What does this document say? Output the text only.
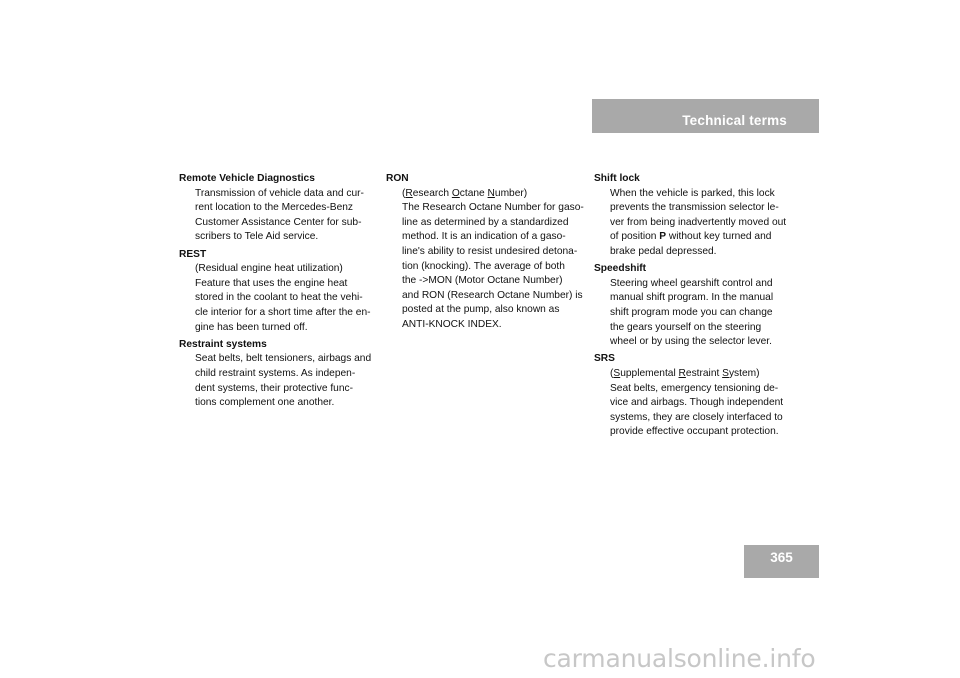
Technical terms
Remote Vehicle Diagnostics
Transmission of vehicle data and cur-
rent location to the Mercedes-Benz
Customer Assistance Center for sub-
scribers to Tele Aid service.
REST
(Residual engine heat utilization)
Feature that uses the engine heat
stored in the coolant to heat the vehi-
cle interior for a short time after the en-
gine has been turned off.
Restraint systems
Seat belts, belt tensioners, airbags and
child restraint systems. As indepen-
dent systems, their protective func-
tions complement one another.
RON
(Research Octane Number)
The Research Octane Number for gaso-
line as determined by a standardized
method. It is an indication of a gaso-
line's ability to resist undesired detona-
tion (knocking). The average of both
the ->MON (Motor Octane Number)
and RON (Research Octane Number) is
posted at the pump, also known as
ANTI-KNOCK INDEX.
Shift lock
When the vehicle is parked, this lock
prevents the transmission selector le-
ver from being inadvertently moved out
of position P without key turned and
brake pedal depressed.
Speedshift
Steering wheel gearshift control and
manual shift program. In the manual
shift program mode you can change
the gears yourself on the steering
wheel or by using the selector lever.
SRS
(Supplemental Restraint System)
Seat belts, emergency tensioning de-
vice and airbags. Though independent
systems, they are closely interfaced to
provide effective occupant protection.
365
carmanualsonline.info
